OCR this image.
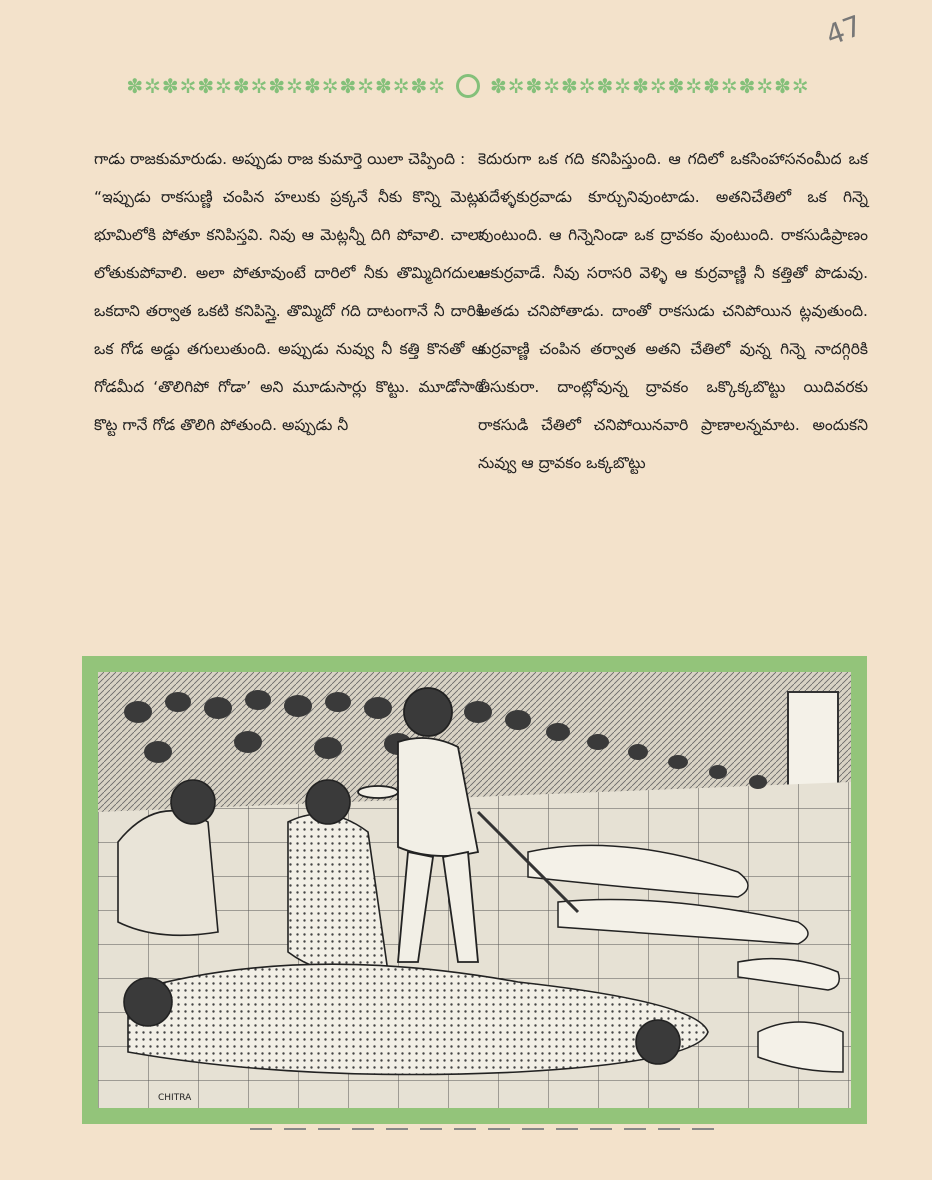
47
✽✲✽✲✽✲✽✲✽✲✽✲✽✲✽✲✽✲ ✽✲✽✲✽✲✽✲✽✲✽✲✽✲✽✲✽✲

గాడు రాజకుమారుడు. అప్పుడు రాజ కుమార్తె యిలా చెప్పింది :

“ఇప్పుడు రాకసుణ్ణి చంపిన హలుకు ప్రక్కనే నీకు కొన్ని మెట్లు భూమిలోకి పోతూ కనిపిస్తవి. నివు ఆ మెట్లన్నీ దిగి పోవాలి. చాలా లోతుకుపోవాలి. అలా పోతూవుంటే దారిలో నీకు తొమ్మిదిగదులు ఒకదాని తర్వాత ఒకటి కనిపిస్తై. తొమ్మిదో గది దాటంగానే నీ దారికి ఒక గోడ అడ్డు తగులుతుంది. అప్పుడు నువ్వు నీ కత్తి కొనతో ఆ గోడమీద ‘తొలిగిపో గోడా’ అని మూడుసార్లు కొట్టు. మూడోసారి కొట్ట గానే గోడ తొలిగి పోతుంది. అప్పుడు నీ

కెదురుగా ఒక గది కనిపిస్తుంది. ఆ గదిలో ఒకసింహాసనంమీద ఒక పదేళ్ళకుర్రవాడు కూర్చునివుంటాడు. అతనిచేతిలో ఒక గిన్నె వుంటుంది. ఆ గిన్నెనిండా ఒక ద్రావకం వుంటుంది. రాకసుడిప్రాణం ఆకుర్రవాడే. నీవు సరాసరి వెళ్ళి ఆ కుర్రవాణ్ణి నీ కత్తితో పొడువు. అతడు చనిపోతాడు. దాంతో రాకసుడు చనిపోయిన ట్లవుతుంది. కుర్రవాణ్ణి చంపిన తర్వాత అతని చేతిలో వున్న గిన్నె నాదగ్గిరికి తీసుకురా. దాంట్లోవున్న ద్రావకం ఒక్కొక్కబొట్టు యిదివరకు రాకసుడి చేతిలో చనిపోయినవారి ప్రాణాలన్నమాట. అందుకని నువ్వు ఆ ద్రావకం ఒక్కబొట్టు

CHITRA
